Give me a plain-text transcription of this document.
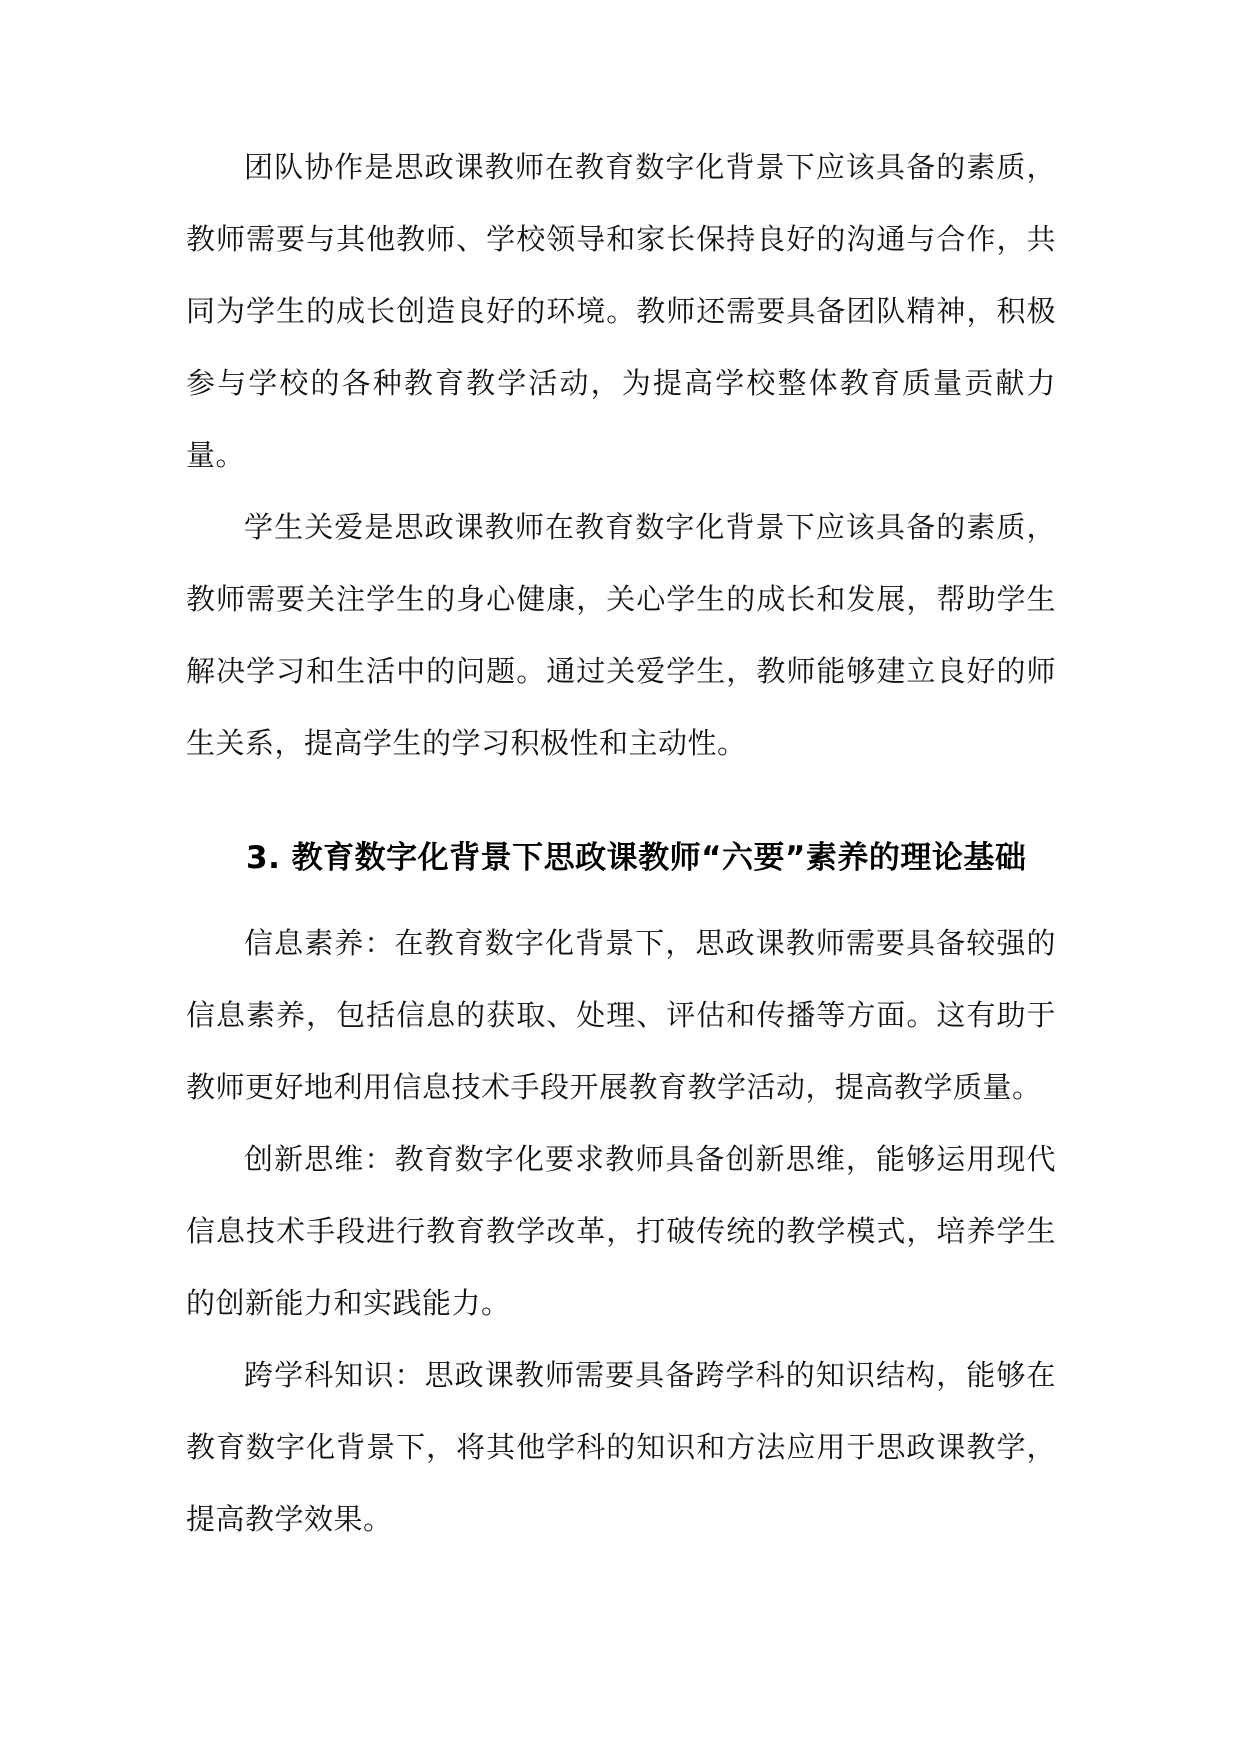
团队协作是思政课教师在教育数字化背景下应该具备的素质，教师需要与其他教师、学校领导和家长保持良好的沟通与合作，共同为学生的成长创造良好的环境。教师还需要具备团队精神，积极参与学校的各种教育教学活动，为提高学校整体教育质量贡献力量。

学生关爱是思政课教师在教育数字化背景下应该具备的素质，教师需要关注学生的身心健康，关心学生的成长和发展，帮助学生解决学习和生活中的问题。通过关爱学生，教师能够建立良好的师生关系，提高学生的学习积极性和主动性。

3. 教育数字化背景下思政课教师“六要”素养的理论基础

信息素养：在教育数字化背景下，思政课教师需要具备较强的信息素养，包括信息的获取、处理、评估和传播等方面。这有助于教师更好地利用信息技术手段开展教育教学活动，提高教学质量。

创新思维：教育数字化要求教师具备创新思维，能够运用现代信息技术手段进行教育教学改革，打破传统的教学模式，培养学生的创新能力和实践能力。

跨学科知识：思政课教师需要具备跨学科的知识结构，能够在教育数字化背景下，将其他学科的知识和方法应用于思政课教学，提高教学效果。
